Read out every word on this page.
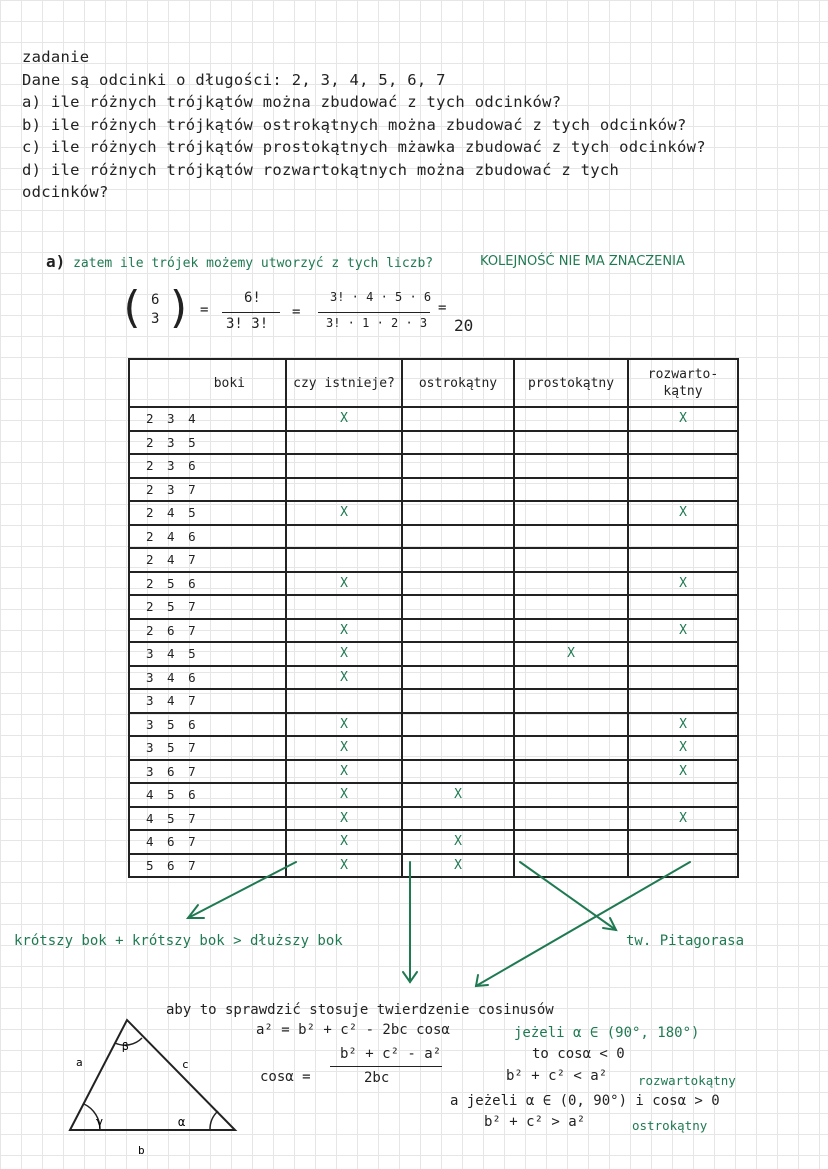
zadanie
Dane są odcinki o długości: 2, 3, 4, 5, 6, 7
a) ile różnych trójkątów można zbudować z tych odcinków?
b) ile różnych trójkątów ostrokątnych można zbudować z tych odcinków?
c) ile różnych trójkątów prostokątnych mżawka zbudować z tych odcinków?
d) ile różnych trójkątów rozwartokątnych można zbudować z tych
odcinków?
a) zatem ile trójek możemy utworzyć z tych liczb?	KOLEJNOŚĆ NIE MA ZNACZENIA
( 6
3 ) =
6!
3! 3!
=
3! · 4 · 5 · 6
3! · 1 · 2 · 3
=
20
boki	czy istnieje?	ostrokątny	prostokątny	rozwarto-kątny
2 3 4	X			X
2 3 5				
2 3 6				
2 3 7				
2 4 5	X			X
2 4 6				
2 4 7				
2 5 6	X			X
2 5 7				
2 6 7	X			X
3 4 5	X		X	
3 4 6	X			
3 4 7				
3 5 6	X			X
3 5 7	X			X
3 6 7	X			X
4 5 6	X	X		
4 5 7	X			X
4 6 7	X	X		
5 6 7	X	X		
krótszy bok + krótszy bok > dłuższy bok	tw. Pitagorasa
aby to sprawdzić stosuje twierdzenie cosinusów
a² = b² + c² - 2bc cosα
cosα =
b² + c² - a²
2bc
jeżeli α ∈ (90°, 180°)
to cosα < 0
b² + c² < a² rozwartokątny
a jeżeli α ∈ (0, 90°) i cosα > 0
b² + c² > a²	ostrokątny
a
b
c
α
β
γ
